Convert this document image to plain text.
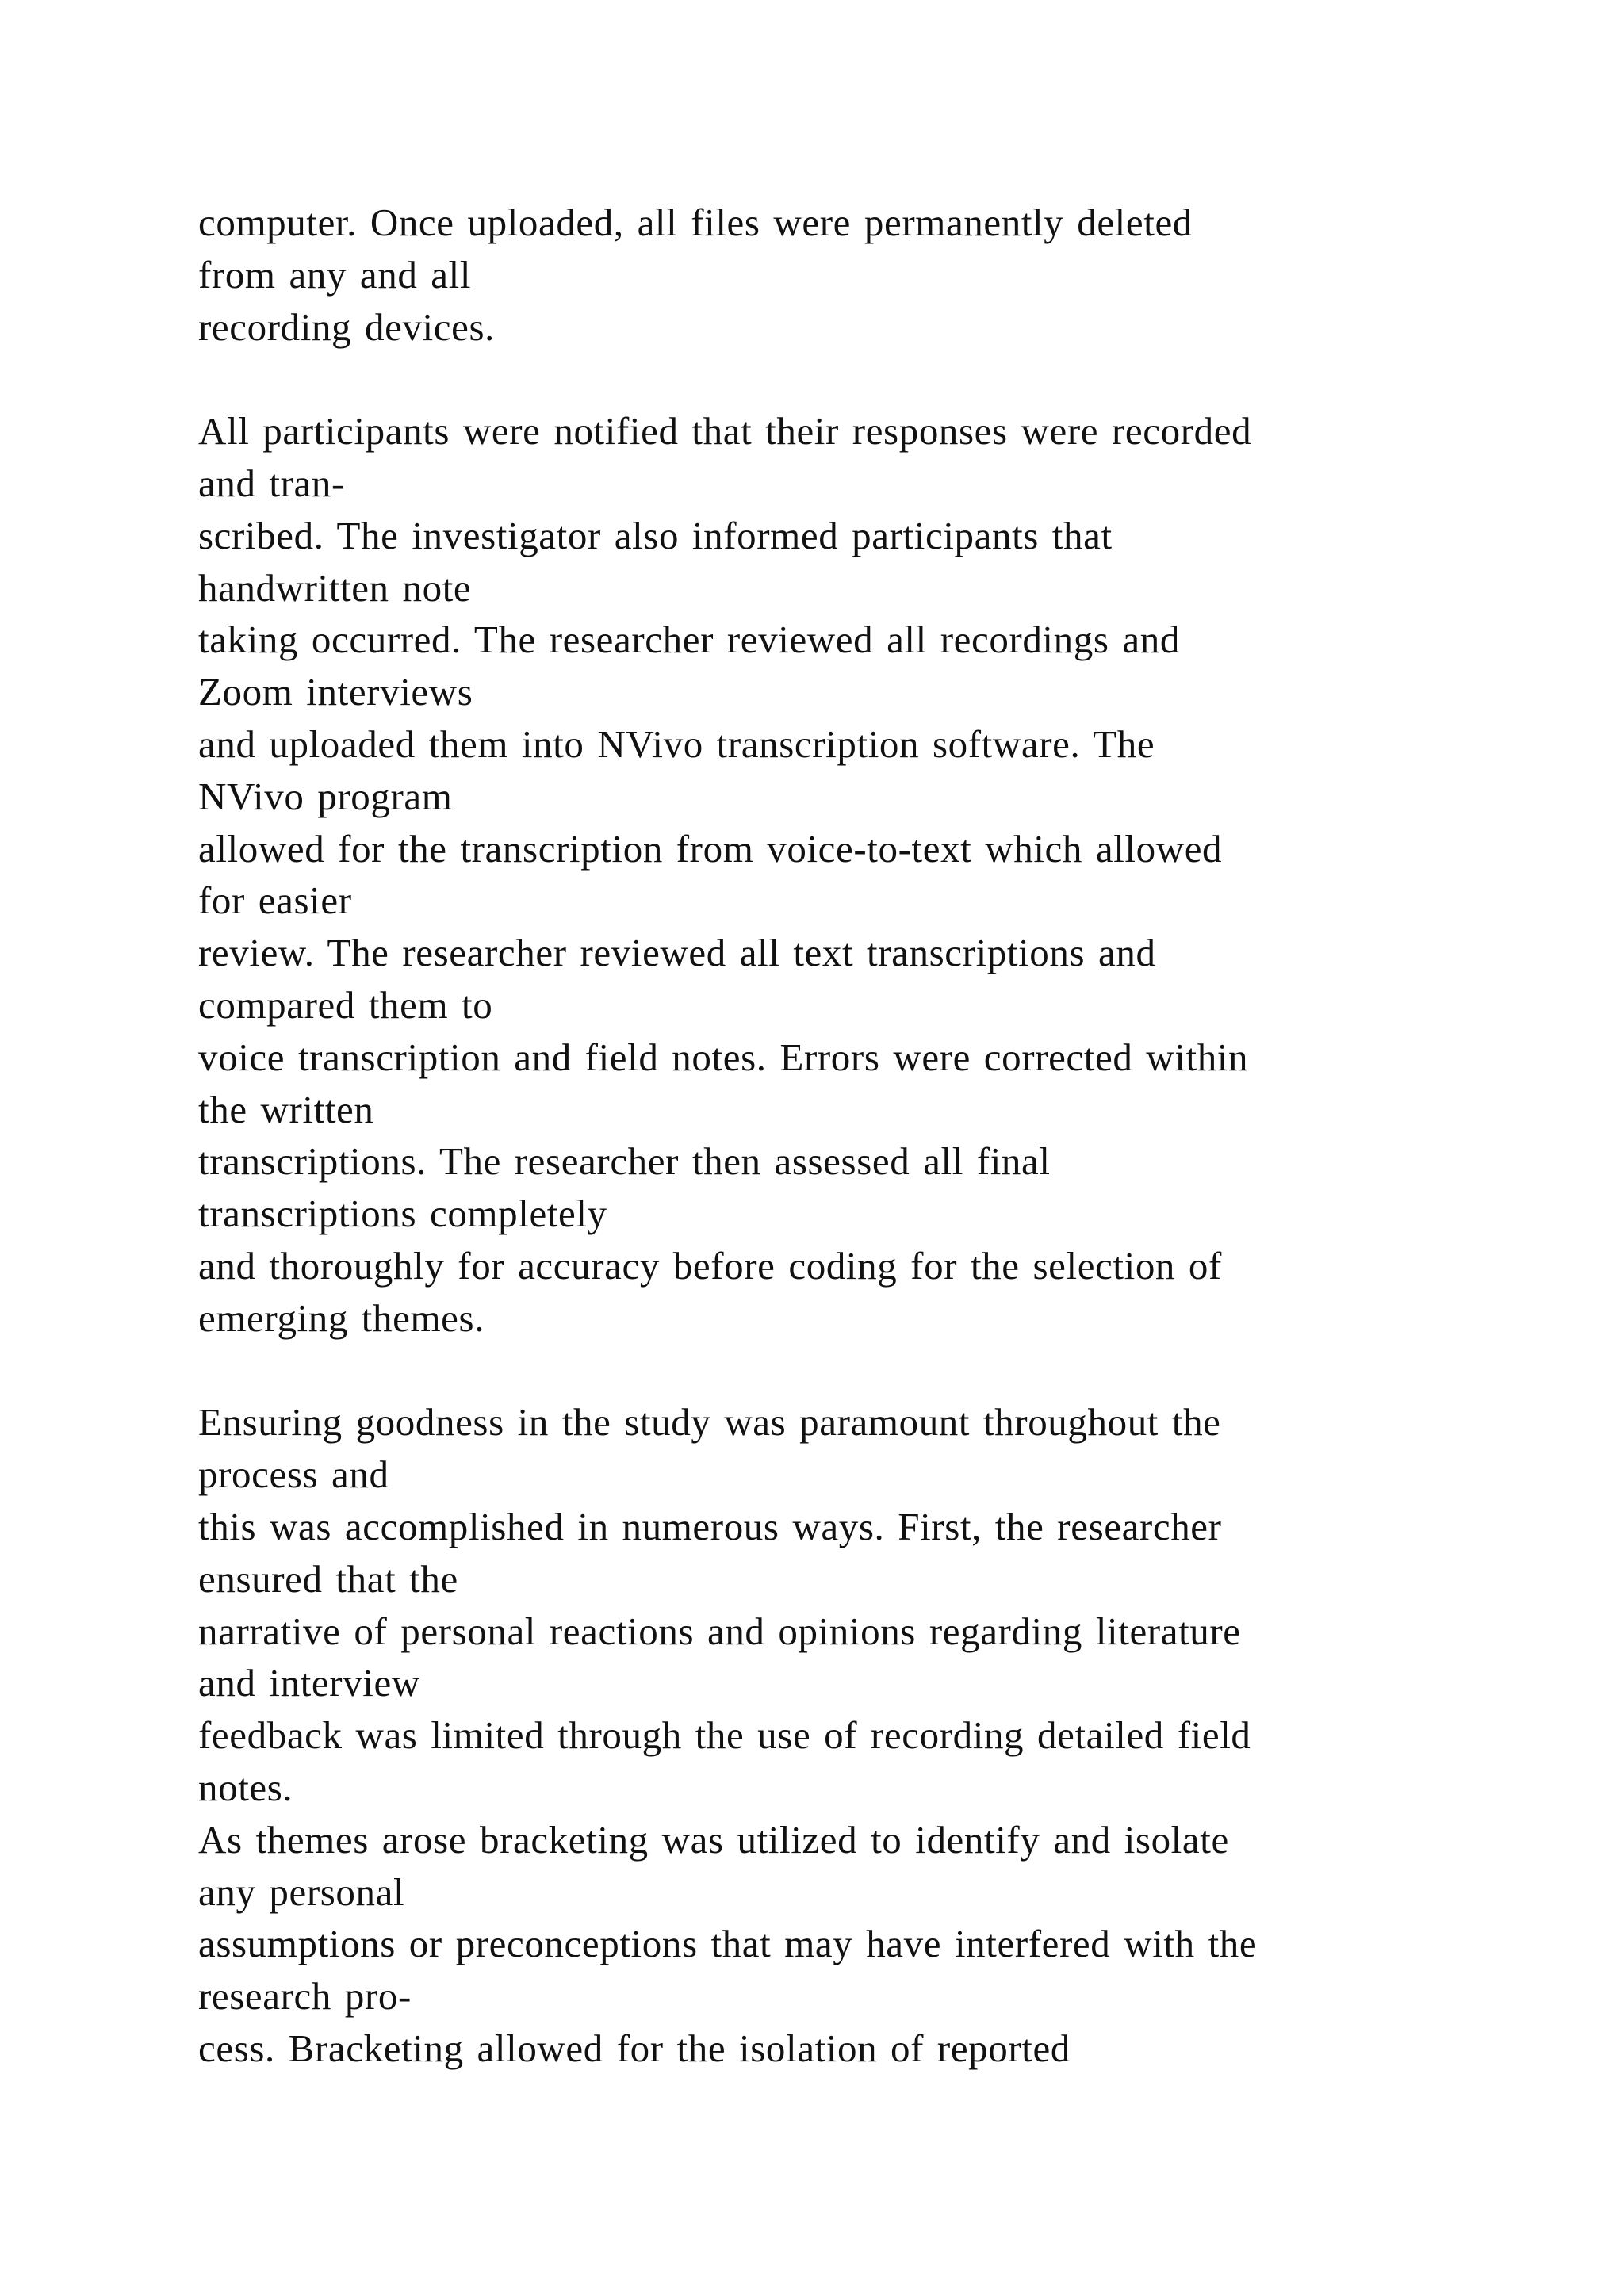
computer. Once uploaded, all files were permanently deleted
from any and all
recording devices.
All participants were notified that their responses were recorded
and tran-
scribed. The investigator also informed participants that
handwritten note
taking occurred. The researcher reviewed all recordings and
Zoom interviews
and uploaded them into NVivo transcription software. The
NVivo program
allowed for the transcription from voice-to-text which allowed
for easier
review. The researcher reviewed all text transcriptions and
compared them to
voice transcription and field notes. Errors were corrected within
the written
transcriptions. The researcher then assessed all final
transcriptions completely
and thoroughly for accuracy before coding for the selection of
emerging themes.
Ensuring goodness in the study was paramount throughout the
process and
this was accomplished in numerous ways. First, the researcher
ensured that the
narrative of personal reactions and opinions regarding literature
and interview
feedback was limited through the use of recording detailed field
notes.
As themes arose bracketing was utilized to identify and isolate
any personal
assumptions or preconceptions that may have interfered with the
research pro-
cess. Bracketing allowed for the isolation of reported
